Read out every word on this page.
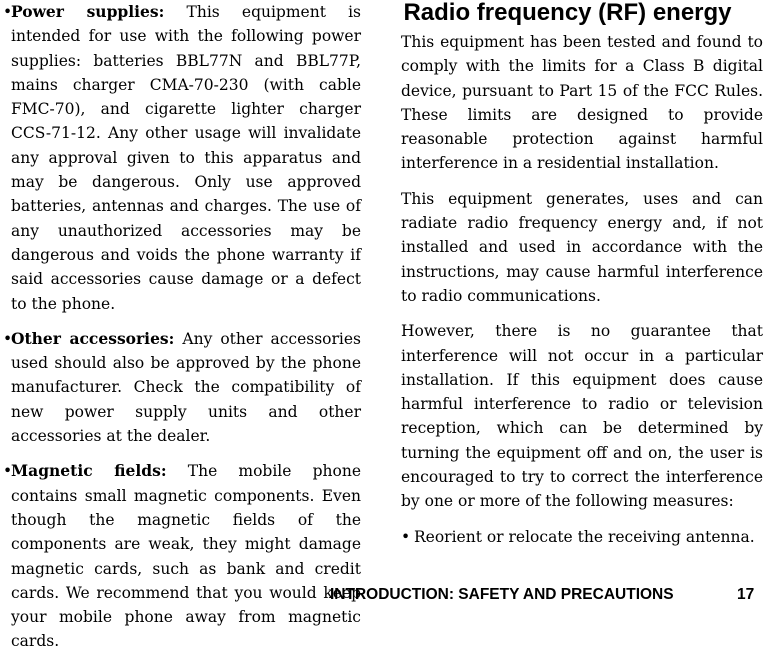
•
Power supplies: This equipment is intended for use with the following power supplies: batteries BBL77N and BBL77P, mains charger CMA-70-230 (with cable FMC-70), and cigarette lighter charger CCS-71-12. Any other usage will invalidate any approval given to this apparatus and may be dangerous. Only use approved batteries, antennas and charges. The use of any unauthorized accessories may be dangerous and voids the phone warranty if said accessories cause damage or a defect to the phone.
•
Other accessories: Any other accessories used should also be approved by the phone manufacturer. Check the compatibility of new power supply units and other accessories at the dealer.
•
Magnetic fields: The mobile phone contains small magnetic components. Even though the magnetic fields of the components are weak, they might damage magnetic cards, such as bank and credit cards. We recommend that you would keep your mobile phone away from magnetic cards.
Radio frequency (RF) energy

This equipment has been tested and found to comply with the limits for a Class B digital device, pursuant to Part 15 of the FCC Rules. These limits are designed to provide reasonable protection against harmful interference in a residential installation.

This equipment generates, uses and can radiate radio frequency energy and, if not installed and used in accordance with the instructions, may cause harmful interference to radio communications.

However, there is no guarantee that interference will not occur in a particular installation. If this equipment does cause harmful interference to radio or television reception, which can be determined by turning the equipment off and on, the user is encouraged to try to correct the interference by one or more of the following measures:

• Reorient or relocate the receiving antenna.
INTRODUCTION: SAFETY AND PRECAUTIONS	17
